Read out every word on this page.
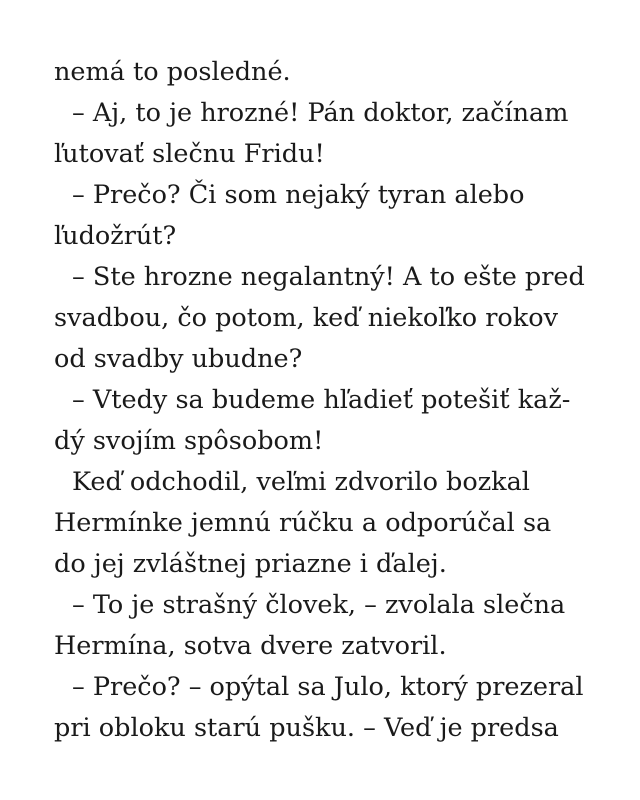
nemá to posledné.
– Aj, to je hrozné! Pán doktor, začínam
ľutovať slečnu Fridu!
– Prečo? Či som nejaký tyran alebo
ľudožrút?
– Ste hrozne negalantný! A to ešte pred
svadbou, čo potom, keď niekoľko rokov
od svadby ubudne?
– Vtedy sa budeme hľadieť potešiť kaž-
dý svojím spôsobom!
Keď odchodil, veľmi zdvorilo bozkal
Hermínke jemnú rúčku a odporúčal sa
do jej zvláštnej priazne i ďalej.
– To je strašný človek, – zvolala slečna
Hermína, sotva dvere zatvoril.
– Prečo? – opýtal sa Julo, ktorý prezeral
pri obloku starú pušku. – Veď je predsa
